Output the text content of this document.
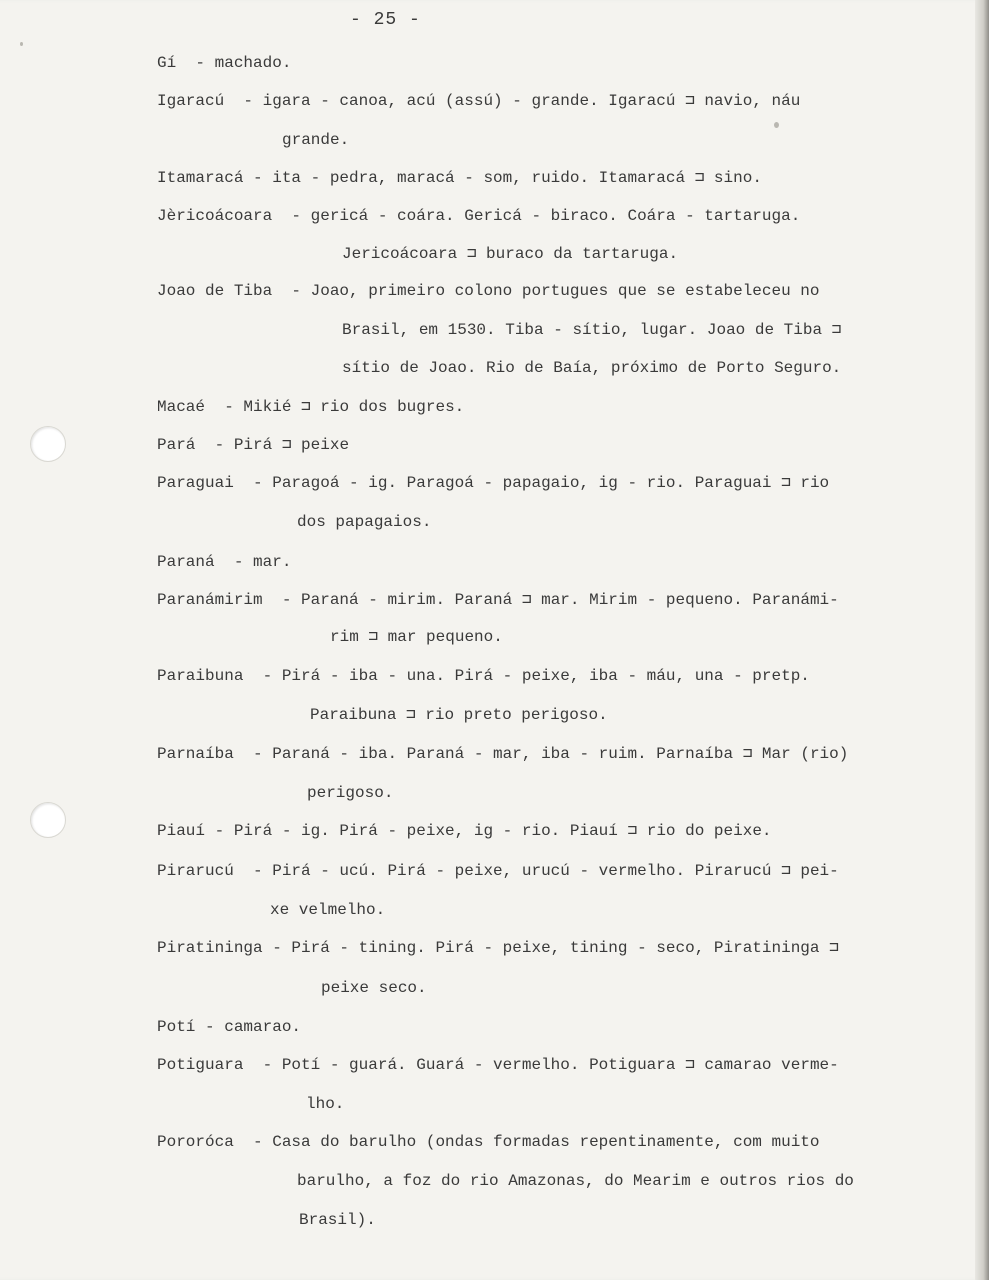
- 25 -
Gí  - machado.
Igaracú  - igara - canoa, acú (assú) - grande. Igaracú ⊐ navio, náu
grande.
Itamaracá - ita - pedra, maracá - som, ruido. Itamaracá ⊐ sino.
Jèricoácoara  - gericá - coára. Gericá - biraco. Coára - tartaruga.
Jericoácoara ⊐ buraco da tartaruga.
Joao de Tiba  - Joao, primeiro colono portugues que se estabeleceu no
Brasil, em 1530. Tiba - sítio, lugar. Joao de Tiba ⊐
sítio de Joao. Rio de Baía, próximo de Porto Seguro.
Macaé  - Mikié ⊐ rio dos bugres.
Pará  - Pirá ⊐ peixe
Paraguai  - Paragoá - ig. Paragoá - papagaio, ig - rio. Paraguai ⊐ rio
dos papagaios.
Paraná  - mar.
Paranámirim  - Paraná - mirim. Paraná ⊐ mar. Mirim - pequeno. Paranámi-
rim ⊐ mar pequeno.
Paraibuna  - Pirá - iba - una. Pirá - peixe, iba - máu, una - pretp.
Paraibuna ⊐ rio preto perigoso.
Parnaíba  - Paraná - iba. Paraná - mar, iba - ruim. Parnaíba ⊐ Mar (rio)
perigoso.
Piauí - Pirá - ig. Pirá - peixe, ig - rio. Piauí ⊐ rio do peixe.
Pirarucú  - Pirá - ucú. Pirá - peixe, urucú - vermelho. Pirarucú ⊐ pei-
xe velmelho.
Piratininga - Pirá - tining. Pirá - peixe, tining - seco, Piratininga ⊐
peixe seco.
Potí - camarao.
Potiguara  - Potí - guará. Guará - vermelho. Potiguara ⊐ camarao verme-
lho.
Pororóca  - Casa do barulho (ondas formadas repentinamente, com muito
barulho, a foz do rio Amazonas, do Mearim e outros rios do
Brasil).
